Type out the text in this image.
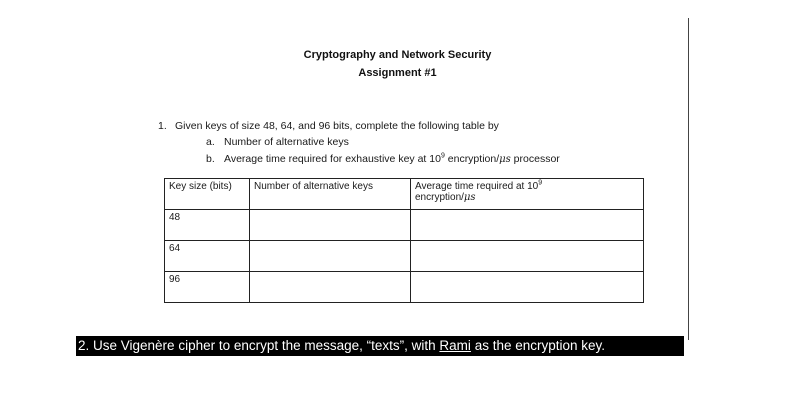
Cryptography and Network Security
Assignment #1
1. Given keys of size 48, 64, and 96 bits, complete the following table by
a. Number of alternative keys
b. Average time required for exhaustive key at $10^9$ encryption/μs processor
Key size (bits)	Number of alternative keys	Average time required at $10^9$
encryption/μs
48		
64		
96		
2. Use Vigenère cipher to encrypt the message, “texts”, with Rami as the encryption key.
